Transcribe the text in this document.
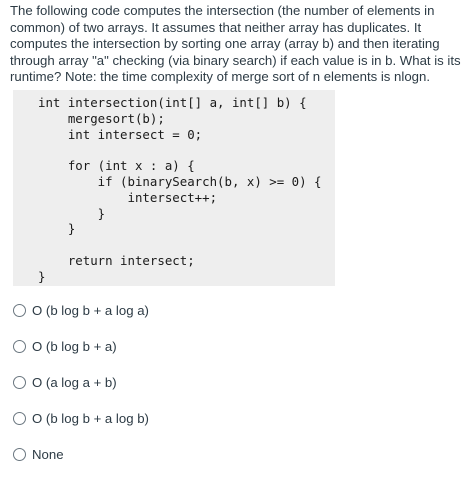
The following code computes the intersection (the number of elements in common) of two arrays. It assumes that neither array has duplicates. It computes the intersection by sorting one array (array b) and then iterating through array "a" checking (via binary search) if each value is in b. What is its runtime? Note: the time complexity of merge sort of n elements is nlogn.

int intersection(int[] a, int[] b) {
mergesort(b);
int intersect = 0;
for (int x : a) {
if (binarySearch(b, x) >= 0) {
intersect++;
}
}
return intersect;
}
O (b log b + a log a)
O (b log b + a)
O (a log a + b)
O (b log b + a log b)
None
